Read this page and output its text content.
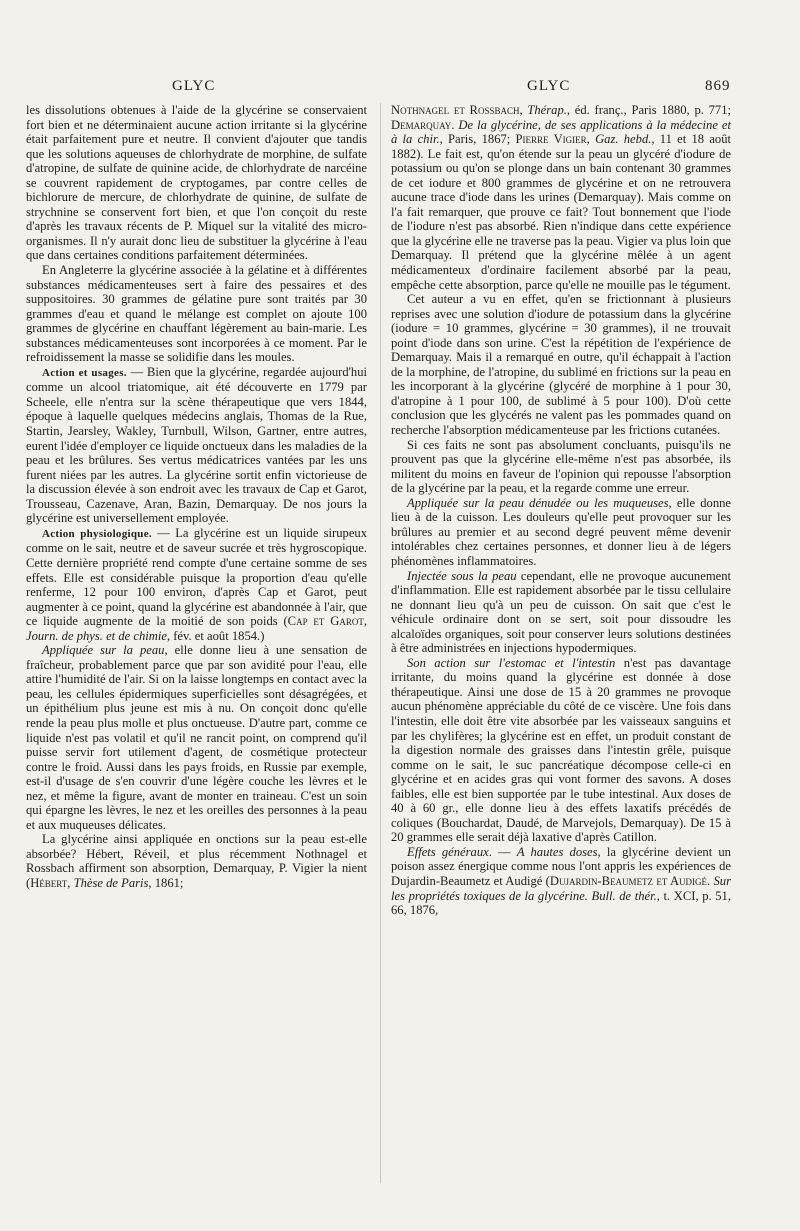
GLYC	GLYC	869

les dissolutions obtenues à l'aide de la glycérine se conservaient fort bien et ne déterminaient aucune action irritante si la glycérine était parfaitement pure et neutre. Il convient d'ajouter que tandis que les solutions aqueuses de chlorhydrate de morphine, de sulfate d'atropine, de sulfate de quinine acide, de chlorhydrate de narcéine se couvrent rapidement de cryptogames, par contre celles de bichlorure de mercure, de chlorhydrate de quinine, de sulfate de strychnine se conservent fort bien, et que l'on conçoit du reste d'après les travaux récents de P. Miquel sur la vitalité des micro-organismes. Il n'y aurait donc lieu de substituer la glycérine à l'eau que dans certaines conditions parfaitement déterminées.

En Angleterre la glycérine associée à la gélatine et à différentes substances médicamenteuses sert à faire des pessaires et des suppositoires. 30 grammes de gélatine pure sont traités par 30 grammes d'eau et quand le mélange est complet on ajoute 100 grammes de glycérine en chauffant légèrement au bain-marie. Les substances médicamenteuses sont incorporées à ce moment. Par le refroidissement la masse se solidifie dans les moules.

Action et usages. — Bien que la glycérine, regardée aujourd'hui comme un alcool triatomique, ait été découverte en 1779 par Scheele, elle n'entra sur la scène thérapeutique que vers 1844, époque à laquelle quelques médecins anglais, Thomas de la Rue, Startin, Jearsley, Wakley, Turnbull, Wilson, Gartner, entre autres, eurent l'idée d'employer ce liquide onctueux dans les maladies de la peau et les brûlures. Ses vertus médicatrices vantées par les uns furent niées par les autres. La glycérine sortit enfin victorieuse de la discussion élevée à son endroit avec les travaux de Cap et Garot, Trousseau, Cazenave, Aran, Bazin, Demarquay. De nos jours la glycérine est universellement employée.

Action physiologique. — La glycérine est un liquide sirupeux comme on le sait, neutre et de saveur sucrée et très hygroscopique. Cette dernière propriété rend compte d'une certaine somme de ses effets. Elle est considérable puisque la proportion d'eau qu'elle renferme, 12 pour 100 environ, d'après Cap et Garot, peut augmenter à ce point, quand la glycérine est abandonnée à l'air, que ce liquide augmente de la moitié de son poids (Cap et Garot, Journ. de phys. et de chimie, fév. et août 1854.)

Appliquée sur la peau, elle donne lieu à une sensation de fraîcheur, probablement parce que par son avidité pour l'eau, elle attire l'humidité de l'air. Si on la laisse longtemps en contact avec la peau, les cellules épidermiques superficielles sont désagrégées, et un épithélium plus jeune est mis à nu. On conçoit donc qu'elle rende la peau plus molle et plus onctueuse. D'autre part, comme ce liquide n'est pas volatil et qu'il ne rancit point, on comprend qu'il puisse servir fort utilement d'agent, de cosmétique protecteur contre le froid. Aussi dans les pays froids, en Russie par exemple, est-il d'usage de s'en couvrir d'une légère couche les lèvres et le nez, et même la figure, avant de monter en traineau. C'est un soin qui épargne les lèvres, le nez et les oreilles des personnes à la peau et aux muqueuses délicates.

La glycérine ainsi appliquée en onctions sur la peau est-elle absorbée? Hébert, Réveil, et plus récemment Nothnagel et Rossbach affirment son absorption, Demarquay, P. Vigier la nient (Hébert, Thèse de Paris, 1861;

Nothnagel et Rossbach, Thérap., éd. franç., Paris 1880, p. 771; Demarquay. De la glycérine, de ses applications à la médecine et à la chir., Paris, 1867; Pierre Vigier, Gaz. hebd., 11 et 18 août 1882). Le fait est, qu'on étende sur la peau un glycéré d'iodure de potassium ou qu'on se plonge dans un bain contenant 30 grammes de cet iodure et 800 grammes de glycérine et on ne retrouvera aucune trace d'iode dans les urines (Demarquay). Mais comme on l'a fait remarquer, que prouve ce fait? Tout bonnement que l'iode de l'iodure n'est pas absorbé. Rien n'indique dans cette expérience que la glycérine elle ne traverse pas la peau. Vigier va plus loin que Demarquay. Il prétend que la glycérine mêlée à un agent médicamenteux d'ordinaire facilement absorbé par la peau, empêche cette absorption, parce qu'elle ne mouille pas le tégument.

Cet auteur a vu en effet, qu'en se frictionnant à plusieurs reprises avec une solution d'iodure de potassium dans la glycérine (iodure = 10 grammes, glycérine = 30 grammes), il ne trouvait point d'iode dans son urine. C'est la répétition de l'expérience de Demarquay. Mais il a remarqué en outre, qu'il échappait à l'action de la morphine, de l'atropine, du sublimé en frictions sur la peau en les incorporant à la glycérine (glycéré de morphine à 1 pour 30, d'atropine à 1 pour 100, de sublimé à 5 pour 100). D'où cette conclusion que les glycérés ne valent pas les pommades quand on recherche l'absorption médicamenteuse par les frictions cutanées.

Si ces faits ne sont pas absolument concluants, puisqu'ils ne prouvent pas que la glycérine elle-même n'est pas absorbée, ils militent du moins en faveur de l'opinion qui repousse l'absorption de la glycérine par la peau, et la regarde comme une erreur.

Appliquée sur la peau dénudée ou les muqueuses, elle donne lieu à de la cuisson. Les douleurs qu'elle peut provoquer sur les brûlures au premier et au second degré peuvent même devenir intolérables chez certaines personnes, et donner lieu à de légers phénomènes inflammatoires.

Injectée sous la peau cependant, elle ne provoque aucunement d'inflammation. Elle est rapidement absorbée par le tissu cellulaire ne donnant lieu qu'à un peu de cuisson. On sait que c'est le véhicule ordinaire dont on se sert, soit pour dissoudre les alcaloïdes organiques, soit pour conserver leurs solutions destinées à être administrées en injections hypodermiques.

Son action sur l'estomac et l'intestin n'est pas davantage irritante, du moins quand la glycérine est donnée à dose thérapeutique. Ainsi une dose de 15 à 20 grammes ne provoque aucun phénomène appréciable du côté de ce viscère. Une fois dans l'intestin, elle doit être vite absorbée par les vaisseaux sanguins et par les chylifères; la glycérine est en effet, un produit constant de la digestion normale des graisses dans l'intestin grêle, puisque comme on le sait, le suc pancréatique décompose celle-ci en glycérine et en acides gras qui vont former des savons. A doses faibles, elle est bien supportée par le tube intestinal. Aux doses de 40 à 60 gr., elle donne lieu à des effets laxatifs précédés de coliques (Bouchardat, Daudé, de Marvejols, Demarquay). De 15 à 20 grammes elle serait déjà laxative d'après Catillon.

Effets généraux. — A hautes doses, la glycérine devient un poison assez énergique comme nous l'ont appris les expériences de Dujardin-Beaumetz et Audigé (Dujardin-Beaumetz et Audigé. Sur les propriétés toxiques de la glycérine. Bull. de thér., t. XCI, p. 51, 66, 1876,
